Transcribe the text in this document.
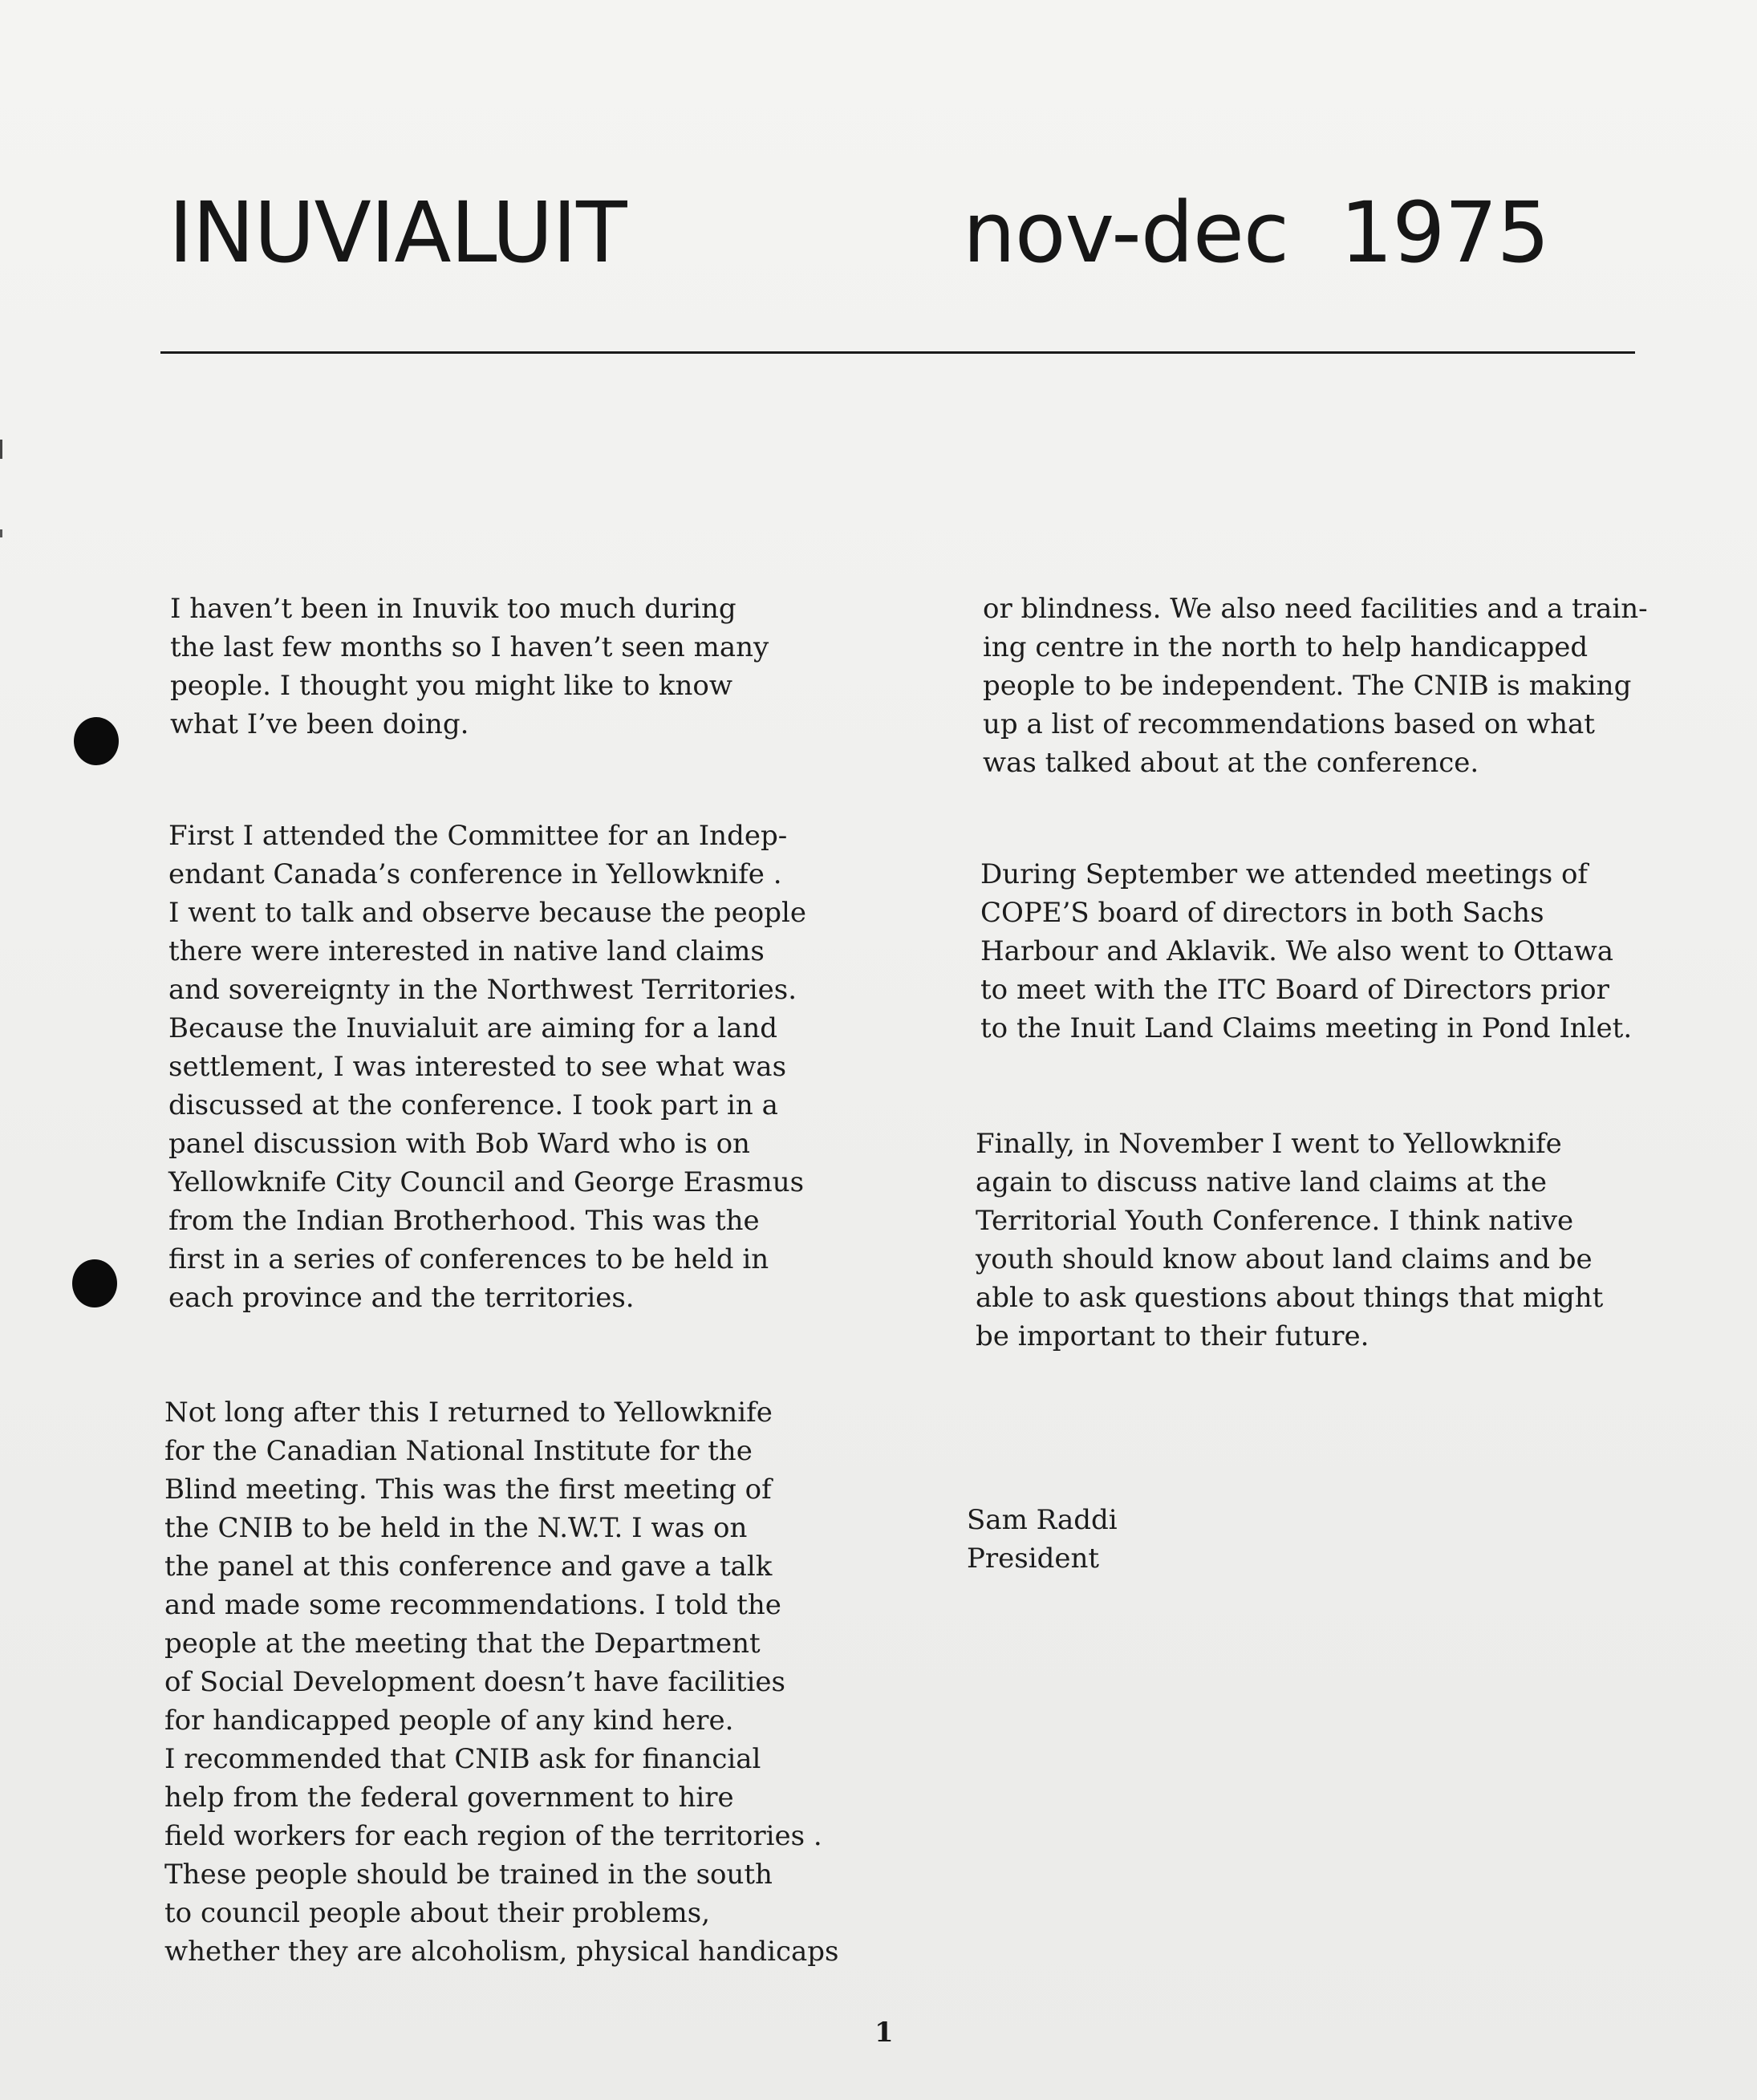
INUVIALUIT	nov-dec  1975

I haven’t been in Inuvik too much during

the last few months so I haven’t seen many

people. I thought you might like to know

what I’ve been doing.

First I attended the Committee for an Indep-

endant Canada’s conference in Yellowknife .

I went to talk and observe because the people

there were interested in native land claims

and sovereignty in the Northwest Territories.

Because the Inuvialuit are aiming for a land

settlement, I was interested to see what was

discussed at the conference. I took part in a

panel discussion with Bob Ward who is on

Yellowknife City Council and George Erasmus

from the Indian Brotherhood. This was the

first in a series of conferences to be held in

each province and the territories.

Not long after this I returned to Yellowknife

for the Canadian National Institute for the

Blind meeting. This was the first meeting of

the CNIB to be held in the N.W.T. I was on

the panel at this conference and gave a talk

and made some recommendations. I told the

people at the meeting that the Department

of Social Development doesn’t have facilities

for handicapped people of any kind here.

I recommended that CNIB ask for financial

help from the federal government to hire

field workers for each region of the territories .

These people should be trained in the south

to council people about their problems,

whether they are alcoholism, physical handicaps

or blindness. We also need facilities and a train-

ing centre in the north to help handicapped

people to be independent. The CNIB is making

up a list of recommendations based on what

was talked about at the conference.

During September we attended meetings of

COPE’S board of directors in both Sachs

Harbour and Aklavik. We also went to Ottawa

to meet with the ITC Board of Directors prior

to the Inuit Land Claims meeting in Pond Inlet.

Finally, in November I went to Yellowknife

again to discuss native land claims at the

Territorial Youth Conference. I think native

youth should know about land claims and be

able to ask questions about things that might

be important to their future.

Sam Raddi

President

1
